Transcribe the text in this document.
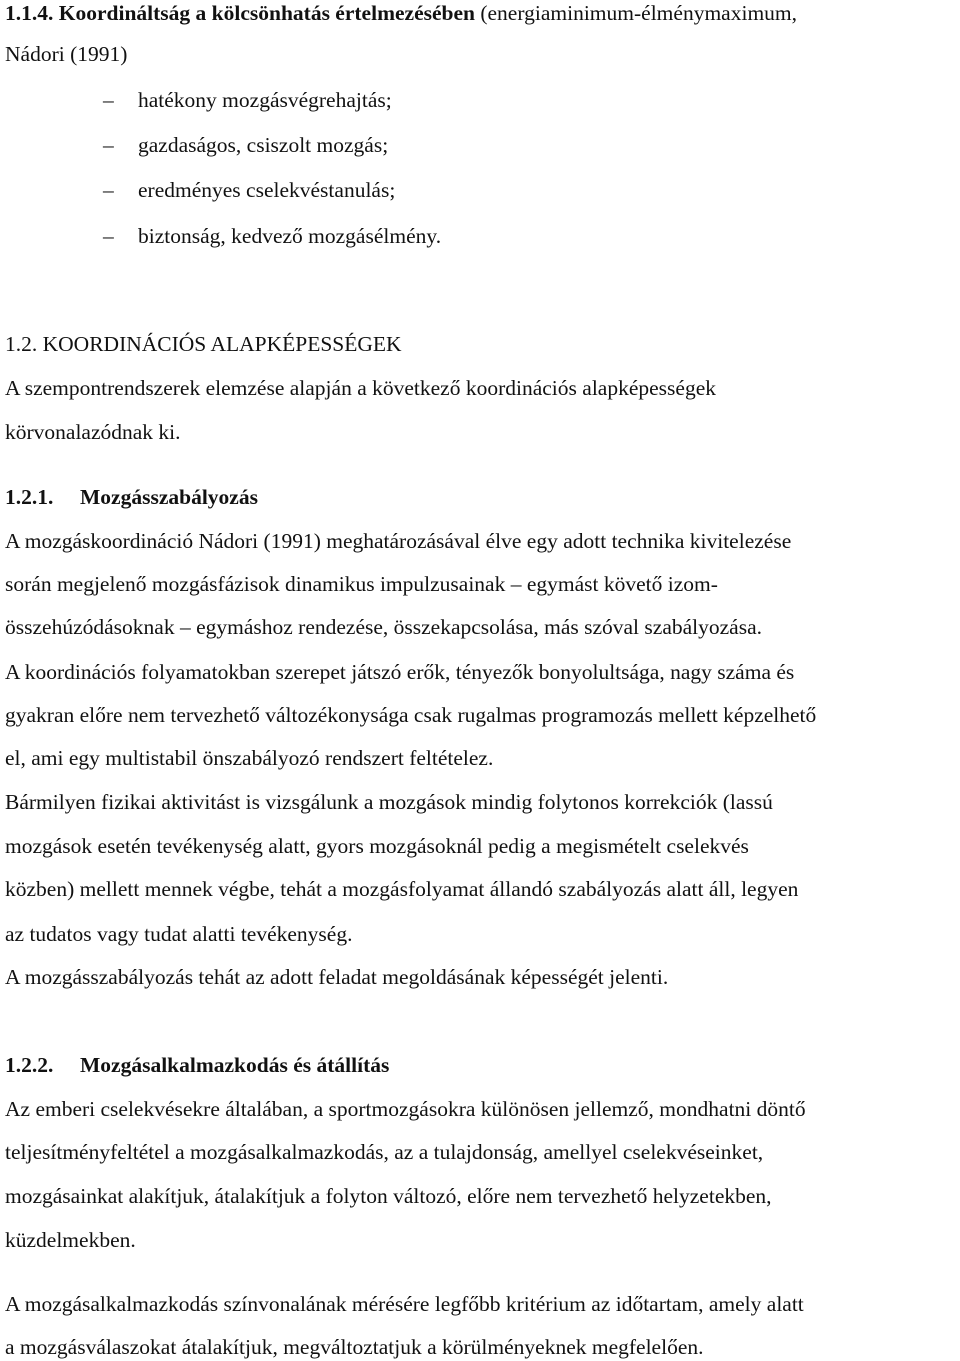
1.1.4. Koordináltság a kölcsönhatás értelmezésében (energiaminimum-élménymaximum,
Nádori (1991)
– hatékony mozgásvégrehajtás;
– gazdaságos, csiszolt mozgás;
– eredményes cselekvéstanulás;
– biztonság, kedvező mozgásélmény.
1.2. KOORDINÁCIÓS ALAPKÉPESSÉGEK
A szempontrendszerek elemzése alapján a következő koordinációs alapképességek
körvonalazódnak ki.
1.2.1. Mozgásszabályozás
A mozgáskoordináció Nádori (1991) meghatározásával élve egy adott technika kivitelezése
során megjelenő mozgásfázisok dinamikus impulzusainak – egymást követő izom-
összehúzódásoknak – egymáshoz rendezése, összekapcsolása, más szóval szabályozása.
A koordinációs folyamatokban szerepet játszó erők, tényezők bonyolultsága, nagy száma és
gyakran előre nem tervezhető változékonysága csak rugalmas programozás mellett képzelhető
el, ami egy multistabil önszabályozó rendszert feltételez.
Bármilyen fizikai aktivitást is vizsgálunk a mozgások mindig folytonos korrekciók (lassú
mozgások esetén tevékenység alatt, gyors mozgásoknál pedig a megismételt cselekvés
közben) mellett mennek végbe, tehát a mozgásfolyamat állandó szabályozás alatt áll, legyen
az tudatos vagy tudat alatti tevékenység.
A mozgásszabályozás tehát az adott feladat megoldásának képességét jelenti.
1.2.2. Mozgásalkalmazkodás és átállítás
Az emberi cselekvésekre általában, a sportmozgásokra különösen jellemző, mondhatni döntő
teljesítményfeltétel a mozgásalkalmazkodás, az a tulajdonság, amellyel cselekvéseinket,
mozgásainkat alakítjuk, átalakítjuk a folyton változó, előre nem tervezhető helyzetekben,
küzdelmekben.
A mozgásalkalmazkodás színvonalának mérésére legfőbb kritérium az időtartam, amely alatt
a mozgásválaszokat átalakítjuk, megváltoztatjuk a körülményeknek megfelelően.
